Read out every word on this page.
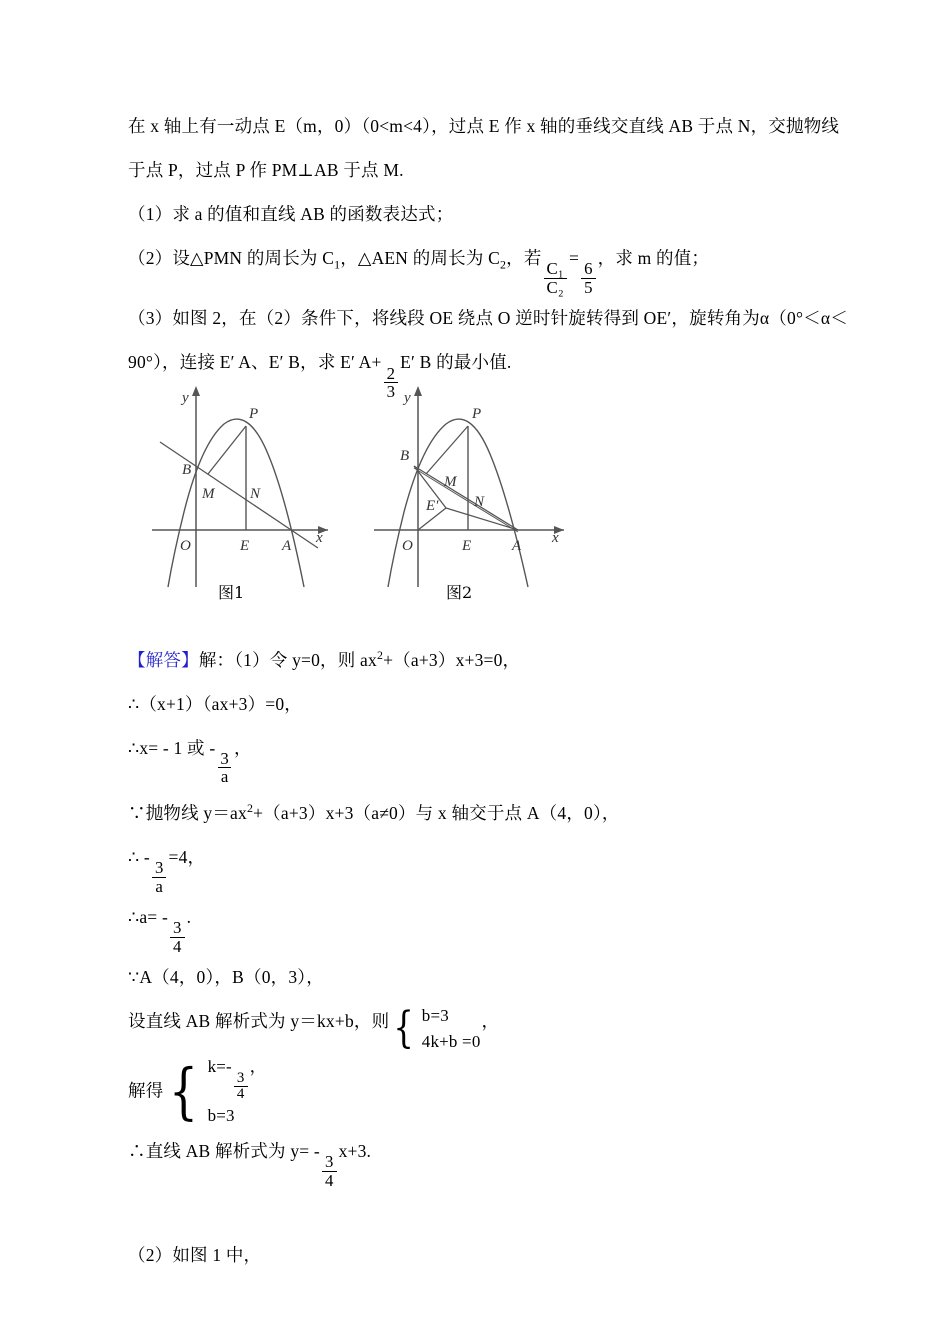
在 x 轴上有一动点 E（m，0）（0<m<4），过点 E 作 x 轴的垂线交直线 AB 于点 N，交抛物线
于点 P，过点 P 作 PM⊥AB 于点 M.
（1）求 a 的值和直线 AB 的函数表达式；
（2）设△PMN 的周长为 $C_1$，△AEN 的周长为 $C_2$，若
$\frac{\text{C₁}}{\text{C₂}}$
=
$\frac{6}{5}$
，求 m 的值；
（3）如图 2，在（2）条件下，将线段 OE 绕点 O 逆时针旋转得到 OE′，旋转角为α（0°＜α＜
90°），连接 E′ A、E′ B，求 E′ A+
$\frac{2}{3}$
E′ B 的最小值.
【解答】解：（1）令 y=0，则 $ax^2+(a+3)x+3=0$，
∴（x+1）（ax+3）=0，
∴x= - 1 或 -
$\frac{3}{a}$
，
∵抛物线 $y=ax^2+(a+3)x+3(a\ne 0)$与 x 轴交于点 A（4，0），
∴ -
$\frac{3}{a}$
=4，
∴a= -
$\frac{3}{4}$
.
∵A（4，0），B（0，3），
设直线 AB 解析式为 y＝kx+b，则 { b=3
4k+b =0
，
解得 { k=-
$\frac{3}{4}$
，
b=3
∴直线 AB 解析式为 y= -
$\frac{3}{4}$
x+3.

（2）如图 1 中，
P
B
M N
O	E A x
y
图1
P
B
M
N
E′
O	E	A x
y
图2
